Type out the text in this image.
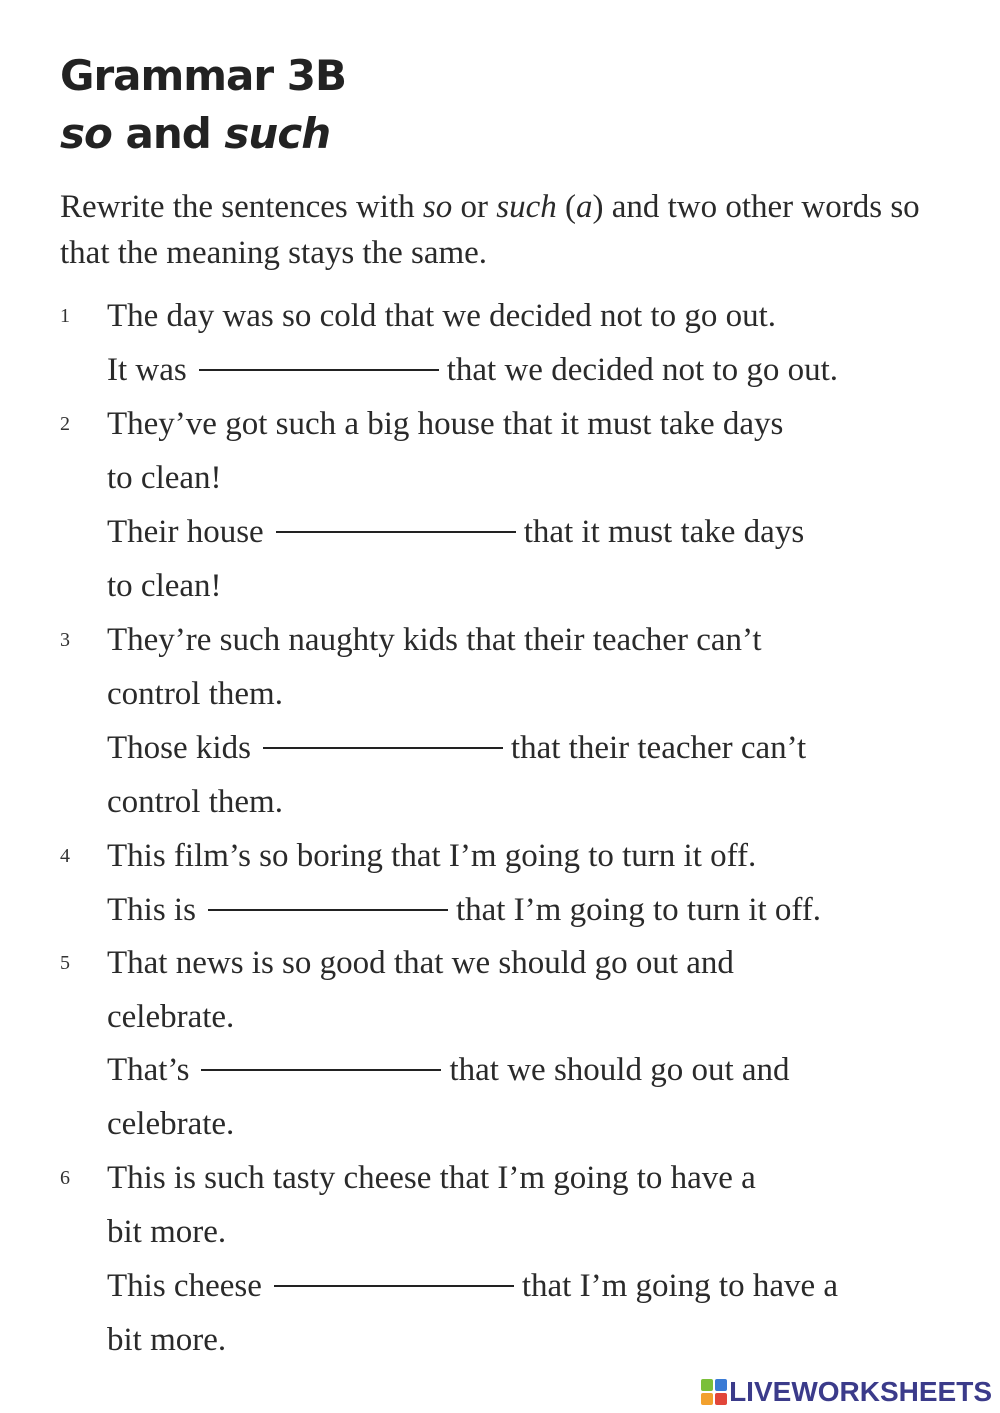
Grammar 3B
so and such

Rewrite the sentences with so or such (a) and two other words so that the meaning stays the same.

1 The day was so cold that we decided not to go out.
It was	that we decided not to go out.
2 They’ve got such a big house that it must take days
to clean!
Their house	that it must take days
to clean!
3 They’re such naughty kids that their teacher can’t
control them.
Those kids	that their teacher can’t
control them.
4 This film’s so boring that I’m going to turn it off.
This is	that I’m going to turn it off.
5 That news is so good that we should go out and
celebrate.
That’s	that we should go out and
celebrate.
6 This is such tasty cheese that I’m going to have a
bit more.
This cheese	that I’m going to have a
bit more.
LIVEWORKSHEETS
